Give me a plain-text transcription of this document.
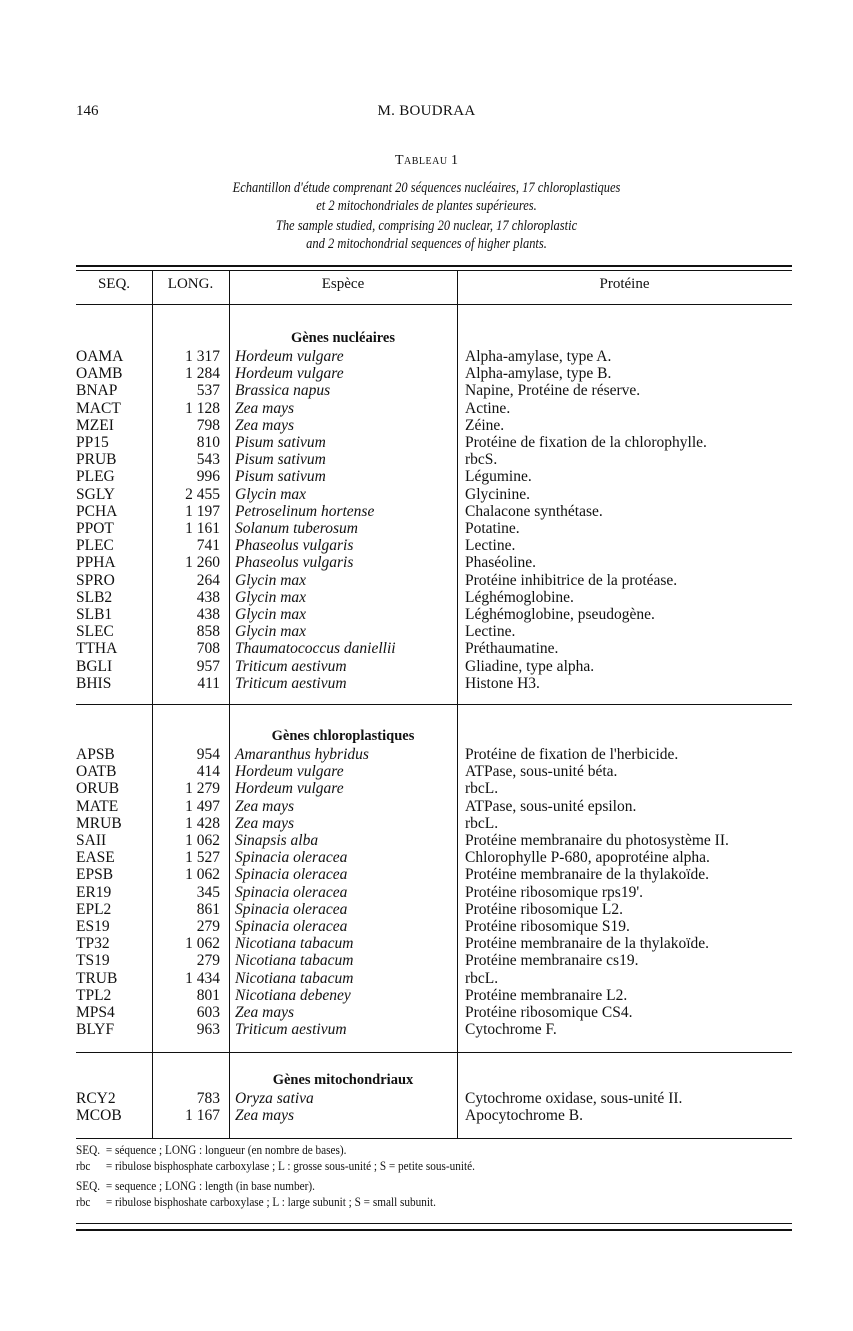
146	M. BOUDRAA
Tableau 1
Echantillon d'étude comprenant 20 séquences nucléaires, 17 chloroplastiques
et 2 mitochondriales de plantes supérieures.
The sample studied, comprising 20 nuclear, 17 chloroplastic
and 2 mitochondrial sequences of higher plants.
SEQ.	LONG.	Espèce	Protéine
Gènes nucléaires
OAMA	1 317 Hordeum vulgare	Alpha-amylase, type A.
OAMB	1 284 Hordeum vulgare	Alpha-amylase, type B.
BNAP	537 Brassica napus	Napine, Protéine de réserve.
MACT	1 128 Zea mays	Actine.
MZEI	798 Zea mays	Zéine.
PP15	810 Pisum sativum	Protéine de fixation de la chlorophylle.
PRUB	543 Pisum sativum	rbcS.
PLEG	996 Pisum sativum	Légumine.
SGLY	2 455 Glycin max	Glycinine.
PCHA	1 197 Petroselinum hortense	Chalacone synthétase.
PPOT	1 161 Solanum tuberosum	Potatine.
PLEC	741 Phaseolus vulgaris	Lectine.
PPHA	1 260 Phaseolus vulgaris	Phaséoline.
SPRO	264 Glycin max	Protéine inhibitrice de la protéase.
SLB2	438 Glycin max	Léghémoglobine.
SLB1	438 Glycin max	Léghémoglobine, pseudogène.
SLEC	858 Glycin max	Lectine.
TTHA	708 Thaumatococcus daniellii	Préthaumatine.
BGLI	957 Triticum aestivum	Gliadine, type alpha.
BHIS	411 Triticum aestivum	Histone H3.
Gènes chloroplastiques
APSB	954 Amaranthus hybridus	Protéine de fixation de l'herbicide.
OATB	414 Hordeum vulgare	ATPase, sous-unité béta.
ORUB	1 279 Hordeum vulgare	rbcL.
MATE	1 497 Zea mays	ATPase, sous-unité epsilon.
MRUB	1 428 Zea mays	rbcL.
SAII	1 062 Sinapsis alba	Protéine membranaire du photosystème II.
EASE	1 527 Spinacia oleracea	Chlorophylle P-680, apoprotéine alpha.
EPSB	1 062 Spinacia oleracea	Protéine membranaire de la thylakoïde.
ER19	345 Spinacia oleracea	Protéine ribosomique rps19'.
EPL2	861 Spinacia oleracea	Protéine ribosomique L2.
ES19	279 Spinacia oleracea	Protéine ribosomique S19.
TP32	1 062 Nicotiana tabacum	Protéine membranaire de la thylakoïde.
TS19	279 Nicotiana tabacum	Protéine membranaire cs19.
TRUB	1 434 Nicotiana tabacum	rbcL.
TPL2	801 Nicotiana debeney	Protéine membranaire L2.
MPS4	603 Zea mays	Protéine ribosomique CS4.
BLYF	963 Triticum aestivum	Cytochrome F.
Gènes mitochondriaux
RCY2	783 Oryza sativa	Cytochrome oxidase, sous-unité II.
MCOB	1 167 Zea mays	Apocytochrome B.
SEQ. = séquence ; LONG : longueur (en nombre de bases).
rbc = ribulose bisphosphate carboxylase ; L : grosse sous-unité ; S = petite sous-unité.
SEQ. = sequence ; LONG : length (in base number).
rbc = ribulose bisphoshate carboxylase ; L : large subunit ; S = small subunit.
